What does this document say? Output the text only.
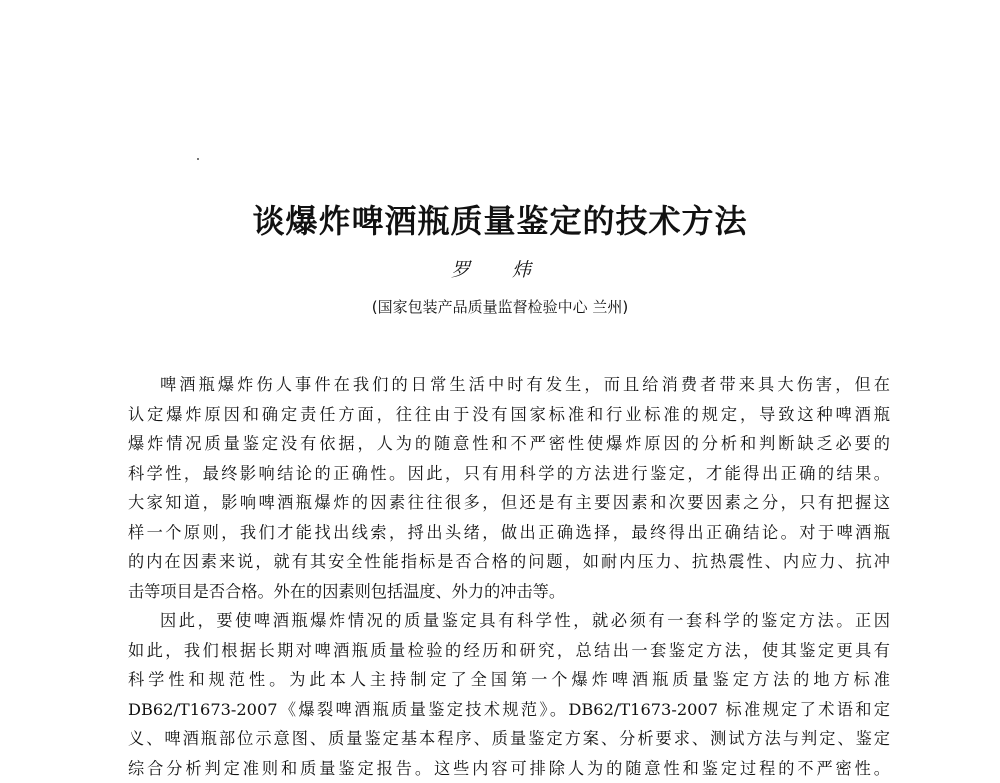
谈爆炸啤酒瓶质量鉴定的技术方法
罗 炜
(国家包装产品质量监督检验中心 兰州)
啤酒瓶爆炸伤人事件在我们的日常生活中时有发生，而且给消费者带来具大伤害，但在
认定爆炸原因和确定责任方面，往往由于没有国家标准和行业标准的规定，导致这种啤酒瓶
爆炸情况质量鉴定没有依据，人为的随意性和不严密性使爆炸原因的分析和判断缺乏必要的
科学性，最终影响结论的正确性。因此，只有用科学的方法进行鉴定，才能得出正确的结果。
大家知道，影响啤酒瓶爆炸的因素往往很多，但还是有主要因素和次要因素之分，只有把握这
样一个原则，我们才能找出线索，捋出头绪，做出正确选择，最终得出正确结论。对于啤酒瓶
的内在因素来说，就有其安全性能指标是否合格的问题，如耐内压力、抗热震性、内应力、抗冲
击等项目是否合格。外在的因素则包括温度、外力的冲击等。
因此，要使啤酒瓶爆炸情况的质量鉴定具有科学性，就必须有一套科学的鉴定方法。正因
如此，我们根据长期对啤酒瓶质量检验的经历和研究，总结出一套鉴定方法，使其鉴定更具有
科学性和规范性。为此本人主持制定了全国第一个爆炸啤酒瓶质量鉴定方法的地方标准
DB62/T1673-2007《爆裂啤酒瓶质量鉴定技术规范》。DB62/T1673-2007 标准规定了术语和定
义、啤酒瓶部位示意图、质量鉴定基本程序、质量鉴定方案、分析要求、测试方法与判定、鉴定
综合分析判定准则和质量鉴定报告。这些内容可排除人为的随意性和鉴定过程的不严密性。
